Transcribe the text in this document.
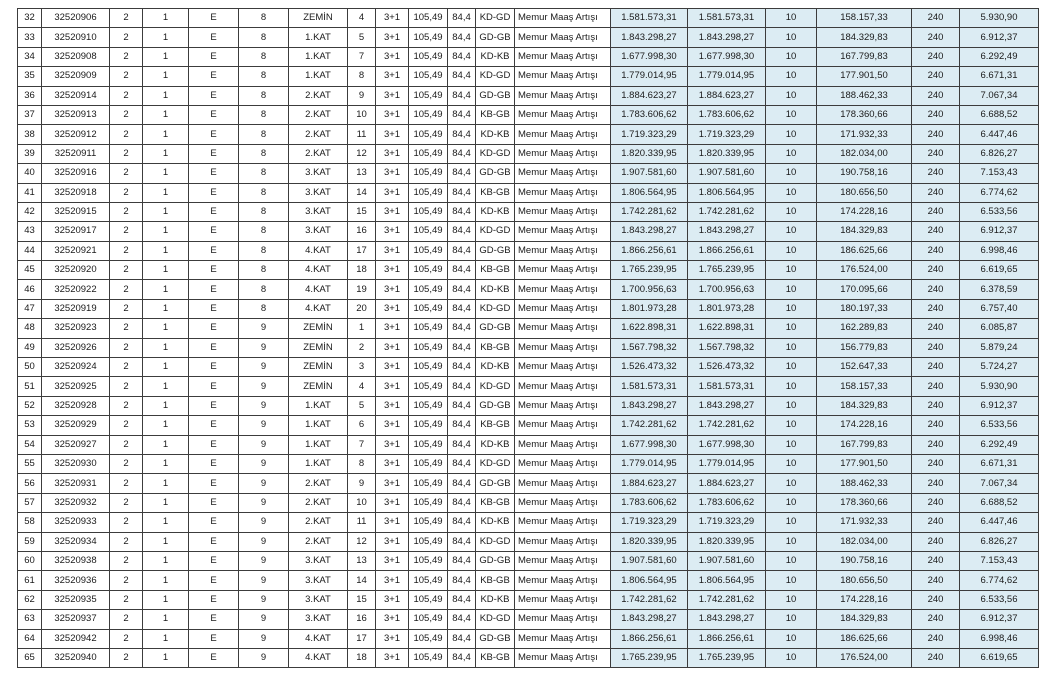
32	32520906	2	1	E	8	ZEMİN	4	3+1	105,49	84,4	KD-GD	Memur Maaş Artışı	1.581.573,31	1.581.573,31	10	158.157,33	240	5.930,90
33	32520910	2	1	E	8	1.KAT	5	3+1	105,49	84,4	GD-GB	Memur Maaş Artışı	1.843.298,27	1.843.298,27	10	184.329,83	240	6.912,37
34	32520908	2	1	E	8	1.KAT	7	3+1	105,49	84,4	KD-KB	Memur Maaş Artışı	1.677.998,30	1.677.998,30	10	167.799,83	240	6.292,49
35	32520909	2	1	E	8	1.KAT	8	3+1	105,49	84,4	KD-GD	Memur Maaş Artışı	1.779.014,95	1.779.014,95	10	177.901,50	240	6.671,31
36	32520914	2	1	E	8	2.KAT	9	3+1	105,49	84,4	GD-GB	Memur Maaş Artışı	1.884.623,27	1.884.623,27	10	188.462,33	240	7.067,34
37	32520913	2	1	E	8	2.KAT	10	3+1	105,49	84,4	KB-GB	Memur Maaş Artışı	1.783.606,62	1.783.606,62	10	178.360,66	240	6.688,52
38	32520912	2	1	E	8	2.KAT	11	3+1	105,49	84,4	KD-KB	Memur Maaş Artışı	1.719.323,29	1.719.323,29	10	171.932,33	240	6.447,46
39	32520911	2	1	E	8	2.KAT	12	3+1	105,49	84,4	KD-GD	Memur Maaş Artışı	1.820.339,95	1.820.339,95	10	182.034,00	240	6.826,27
40	32520916	2	1	E	8	3.KAT	13	3+1	105,49	84,4	GD-GB	Memur Maaş Artışı	1.907.581,60	1.907.581,60	10	190.758,16	240	7.153,43
41	32520918	2	1	E	8	3.KAT	14	3+1	105,49	84,4	KB-GB	Memur Maaş Artışı	1.806.564,95	1.806.564,95	10	180.656,50	240	6.774,62
42	32520915	2	1	E	8	3.KAT	15	3+1	105,49	84,4	KD-KB	Memur Maaş Artışı	1.742.281,62	1.742.281,62	10	174.228,16	240	6.533,56
43	32520917	2	1	E	8	3.KAT	16	3+1	105,49	84,4	KD-GD	Memur Maaş Artışı	1.843.298,27	1.843.298,27	10	184.329,83	240	6.912,37
44	32520921	2	1	E	8	4.KAT	17	3+1	105,49	84,4	GD-GB	Memur Maaş Artışı	1.866.256,61	1.866.256,61	10	186.625,66	240	6.998,46
45	32520920	2	1	E	8	4.KAT	18	3+1	105,49	84,4	KB-GB	Memur Maaş Artışı	1.765.239,95	1.765.239,95	10	176.524,00	240	6.619,65
46	32520922	2	1	E	8	4.KAT	19	3+1	105,49	84,4	KD-KB	Memur Maaş Artışı	1.700.956,63	1.700.956,63	10	170.095,66	240	6.378,59
47	32520919	2	1	E	8	4.KAT	20	3+1	105,49	84,4	KD-GD	Memur Maaş Artışı	1.801.973,28	1.801.973,28	10	180.197,33	240	6.757,40
48	32520923	2	1	E	9	ZEMİN	1	3+1	105,49	84,4	GD-GB	Memur Maaş Artışı	1.622.898,31	1.622.898,31	10	162.289,83	240	6.085,87
49	32520926	2	1	E	9	ZEMİN	2	3+1	105,49	84,4	KB-GB	Memur Maaş Artışı	1.567.798,32	1.567.798,32	10	156.779,83	240	5.879,24
50	32520924	2	1	E	9	ZEMİN	3	3+1	105,49	84,4	KD-KB	Memur Maaş Artışı	1.526.473,32	1.526.473,32	10	152.647,33	240	5.724,27
51	32520925	2	1	E	9	ZEMİN	4	3+1	105,49	84,4	KD-GD	Memur Maaş Artışı	1.581.573,31	1.581.573,31	10	158.157,33	240	5.930,90
52	32520928	2	1	E	9	1.KAT	5	3+1	105,49	84,4	GD-GB	Memur Maaş Artışı	1.843.298,27	1.843.298,27	10	184.329,83	240	6.912,37
53	32520929	2	1	E	9	1.KAT	6	3+1	105,49	84,4	KB-GB	Memur Maaş Artışı	1.742.281,62	1.742.281,62	10	174.228,16	240	6.533,56
54	32520927	2	1	E	9	1.KAT	7	3+1	105,49	84,4	KD-KB	Memur Maaş Artışı	1.677.998,30	1.677.998,30	10	167.799,83	240	6.292,49
55	32520930	2	1	E	9	1.KAT	8	3+1	105,49	84,4	KD-GD	Memur Maaş Artışı	1.779.014,95	1.779.014,95	10	177.901,50	240	6.671,31
56	32520931	2	1	E	9	2.KAT	9	3+1	105,49	84,4	GD-GB	Memur Maaş Artışı	1.884.623,27	1.884.623,27	10	188.462,33	240	7.067,34
57	32520932	2	1	E	9	2.KAT	10	3+1	105,49	84,4	KB-GB	Memur Maaş Artışı	1.783.606,62	1.783.606,62	10	178.360,66	240	6.688,52
58	32520933	2	1	E	9	2.KAT	11	3+1	105,49	84,4	KD-KB	Memur Maaş Artışı	1.719.323,29	1.719.323,29	10	171.932,33	240	6.447,46
59	32520934	2	1	E	9	2.KAT	12	3+1	105,49	84,4	KD-GD	Memur Maaş Artışı	1.820.339,95	1.820.339,95	10	182.034,00	240	6.826,27
60	32520938	2	1	E	9	3.KAT	13	3+1	105,49	84,4	GD-GB	Memur Maaş Artışı	1.907.581,60	1.907.581,60	10	190.758,16	240	7.153,43
61	32520936	2	1	E	9	3.KAT	14	3+1	105,49	84,4	KB-GB	Memur Maaş Artışı	1.806.564,95	1.806.564,95	10	180.656,50	240	6.774,62
62	32520935	2	1	E	9	3.KAT	15	3+1	105,49	84,4	KD-KB	Memur Maaş Artışı	1.742.281,62	1.742.281,62	10	174.228,16	240	6.533,56
63	32520937	2	1	E	9	3.KAT	16	3+1	105,49	84,4	KD-GD	Memur Maaş Artışı	1.843.298,27	1.843.298,27	10	184.329,83	240	6.912,37
64	32520942	2	1	E	9	4.KAT	17	3+1	105,49	84,4	GD-GB	Memur Maaş Artışı	1.866.256,61	1.866.256,61	10	186.625,66	240	6.998,46
65	32520940	2	1	E	9	4.KAT	18	3+1	105,49	84,4	KB-GB	Memur Maaş Artışı	1.765.239,95	1.765.239,95	10	176.524,00	240	6.619,65
